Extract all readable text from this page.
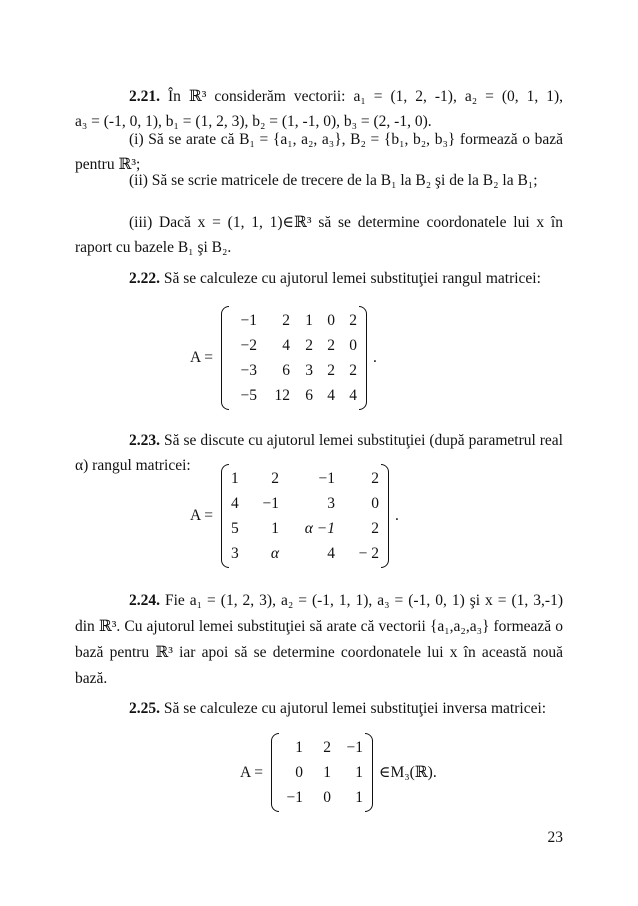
2.21. În ℝ³ considerăm vectorii: a₁ = (1, 2, -1), a₂ = (0, 1, 1),
a₃ = (-1, 0, 1), b₁ = (1, 2, 3), b₂ = (1, -1, 0), b₃ = (2, -1, 0).
(i) Să se arate că B₁ = {a₁, a₂, a₃}, B₂ = {b₁, b₂, b₃} formează o bază pentru ℝ³;
(ii) Să se scrie matricele de trecere de la B₁ la B₂ şi de la B₂ la B₁;
(iii) Dacă x = (1, 1, 1)∈ℝ³ să se determine coordonatele lui x în raport cu bazele B₁ şi B₂.
2.22. Să se calculeze cu ajutorul lemei substituţiei rangul matricei:
A =
−1	2	1	0	2
−2	4	2	2	0
−3	6	3	2	2
−5	12	6	4	4
.
2.23. Să se discute cu ajutorul lemei substituţiei (după parametrul real α) rangul matricei:
A =
1	2	−1	2
4	−1	3	0
5	1	α −1	2
3	α	4	− 2
.
2.24. Fie a₁ = (1, 2, 3), a₂ = (-1, 1, 1), a₃ = (-1, 0, 1) şi x = (1, 3,-1) din ℝ³. Cu ajutorul lemei substituţiei să arate că vectorii {a₁,a₂,a₃} formează o bază pentru ℝ³ iar apoi să se determine coordonatele lui x în această nouă bază.
2.25. Să se calculeze cu ajutorul lemei substituţiei inversa matricei:
A =
1	2	−1
0	1	1
−1	0	1
∈M₃(ℝ).
23
